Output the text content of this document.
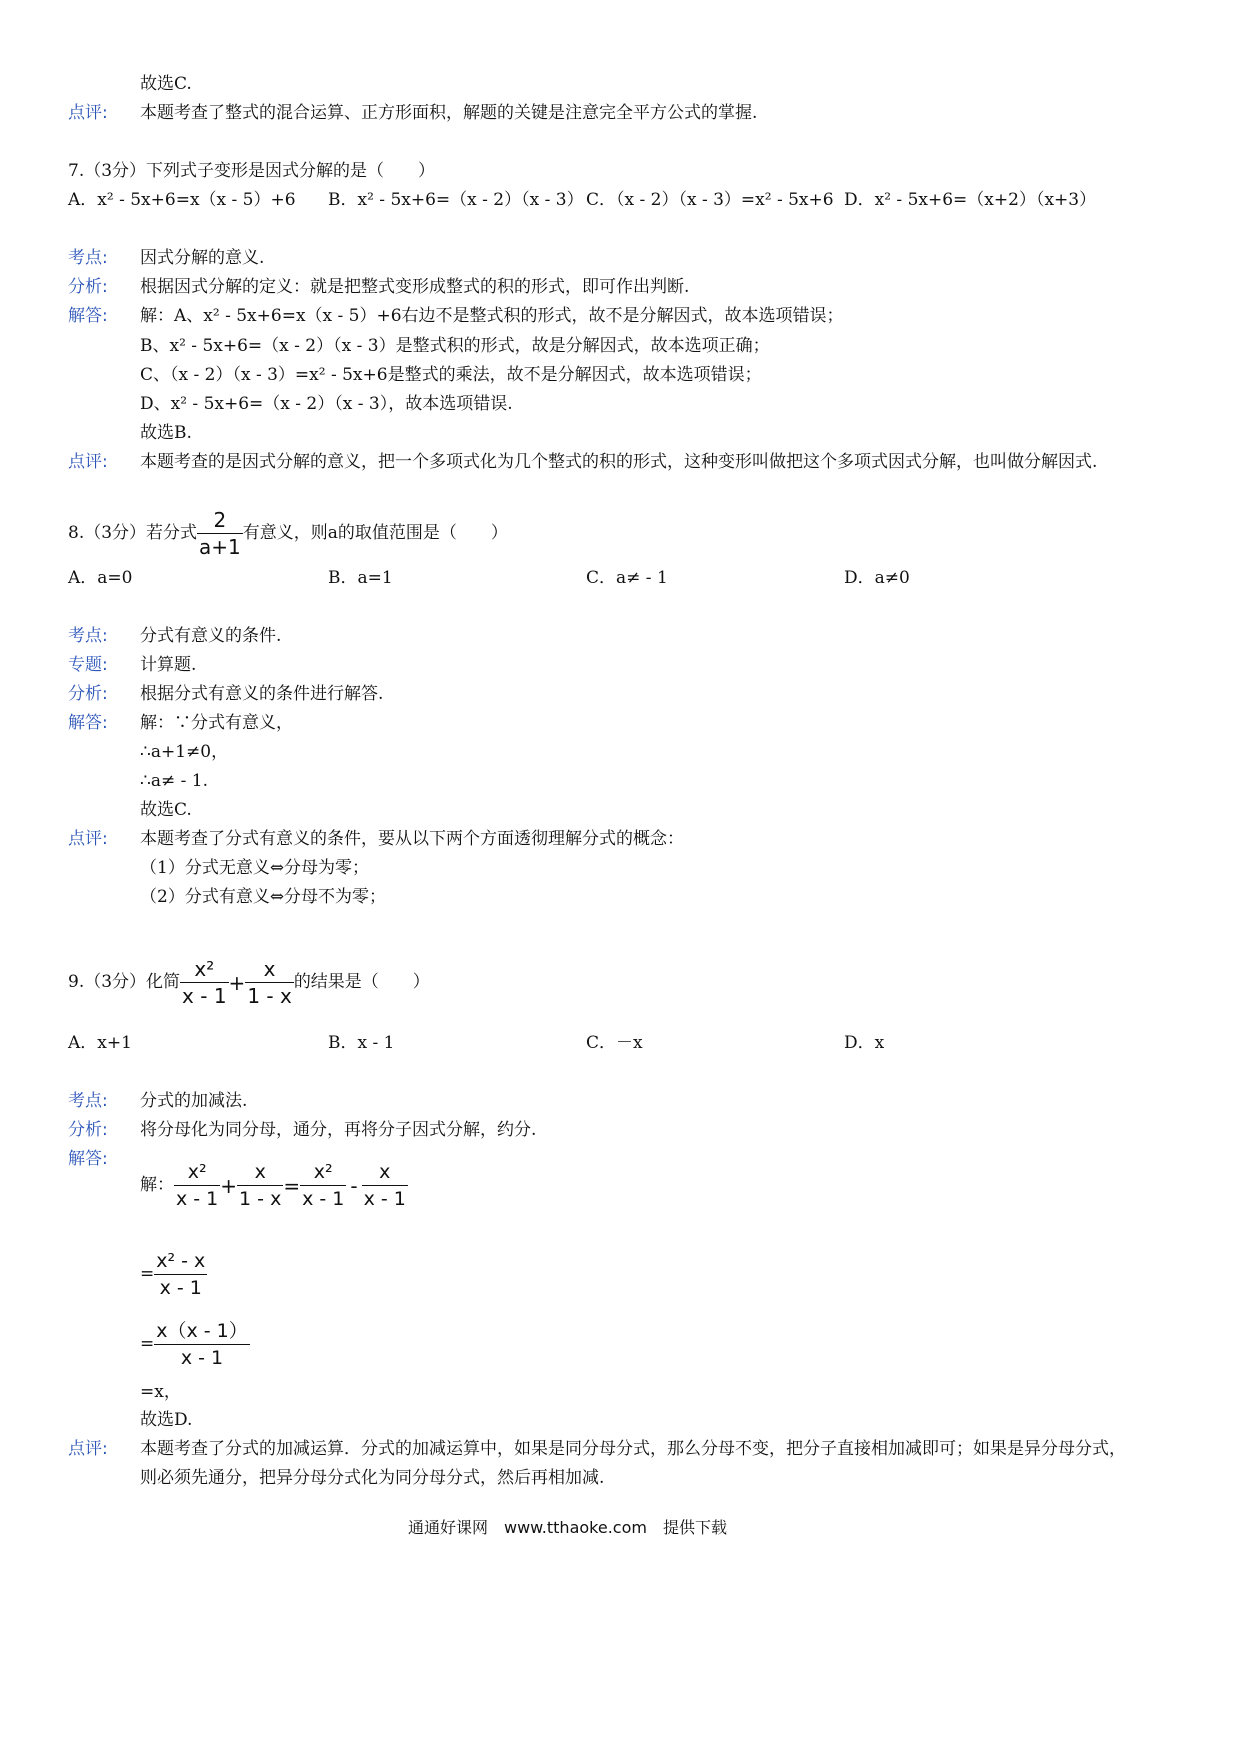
故选C.
点评: 本题考查了整式的混合运算、正方形面积，解题的关键是注意完全平方公式的掌握.
7.（3分）下列式子变形是因式分解的是（　　）
A．x² - 5x+6=x（x - 5）+6 B．x² - 5x+6=（x - 2）（x - 3） C．（x - 2）（x - 3）=x² - 5x+6 D．x² - 5x+6=（x+2）（x+3）
考点: 因式分解的意义.
分析: 根据因式分解的定义：就是把整式变形成整式的积的形式，即可作出判断.
解答: 解：A、x² - 5x+6=x（x - 5）+6右边不是整式积的形式，故不是分解因式，故本选项错误；
B、x² - 5x+6=（x - 2）（x - 3）是整式积的形式，故是分解因式，故本选项正确；
C、（x - 2）（x - 3）=x² - 5x+6是整式的乘法，故不是分解因式，故本选项错误；
D、x² - 5x+6=（x - 2）（x - 3），故本选项错误.
故选B.
点评: 本题考查的是因式分解的意义，把一个多项式化为几个整式的积的形式，这种变形叫做把这个多项式因式分解，也叫做分解因式.
8.（3分）若分式 $\frac{2}{a+1}$ 有意义，则a的取值范围是（　　）
A．a=0	B．a=1	C．a≠ - 1	D．a≠0
考点: 分式有意义的条件.
专题: 计算题.
分析: 根据分式有意义的条件进行解答.
解答: 解：∵分式有意义，
∴a+1≠0，
∴a≠ - 1.
故选C.
点评: 本题考查了分式有意义的条件，要从以下两个方面透彻理解分式的概念：
（1）分式无意义⇔分母为零；
（2）分式有意义⇔分母不为零；
9.（3分）化简 $\frac{\text{x²}}{x - 1} + \frac{x}{1 - x}$ 的结果是（　　）
A．x+1	B．x - 1	C．－x	D．x
考点: 分式的加减法.
分析: 将分母化为同分母，通分，再将分子因式分解，约分.
解答:
解： $\frac{\text{x²}}{x - 1} + \frac{x}{1 - x} = \frac{\text{x²}}{x - 1} - \frac{x}{x - 1}$
= $\frac{\text{x² - x}}{x - 1}$
= $\frac{x(x - 1)}{x - 1}$
=x，
故选D.
点评: 本题考查了分式的加减运算．分式的加减运算中，如果是同分母分式，那么分母不变，把分子直接相加减即可；如果是异分母分式，
则必须先通分，把异分母分式化为同分母分式，然后再相加减.
通通好课网　www.tthaoke.com　提供下载
